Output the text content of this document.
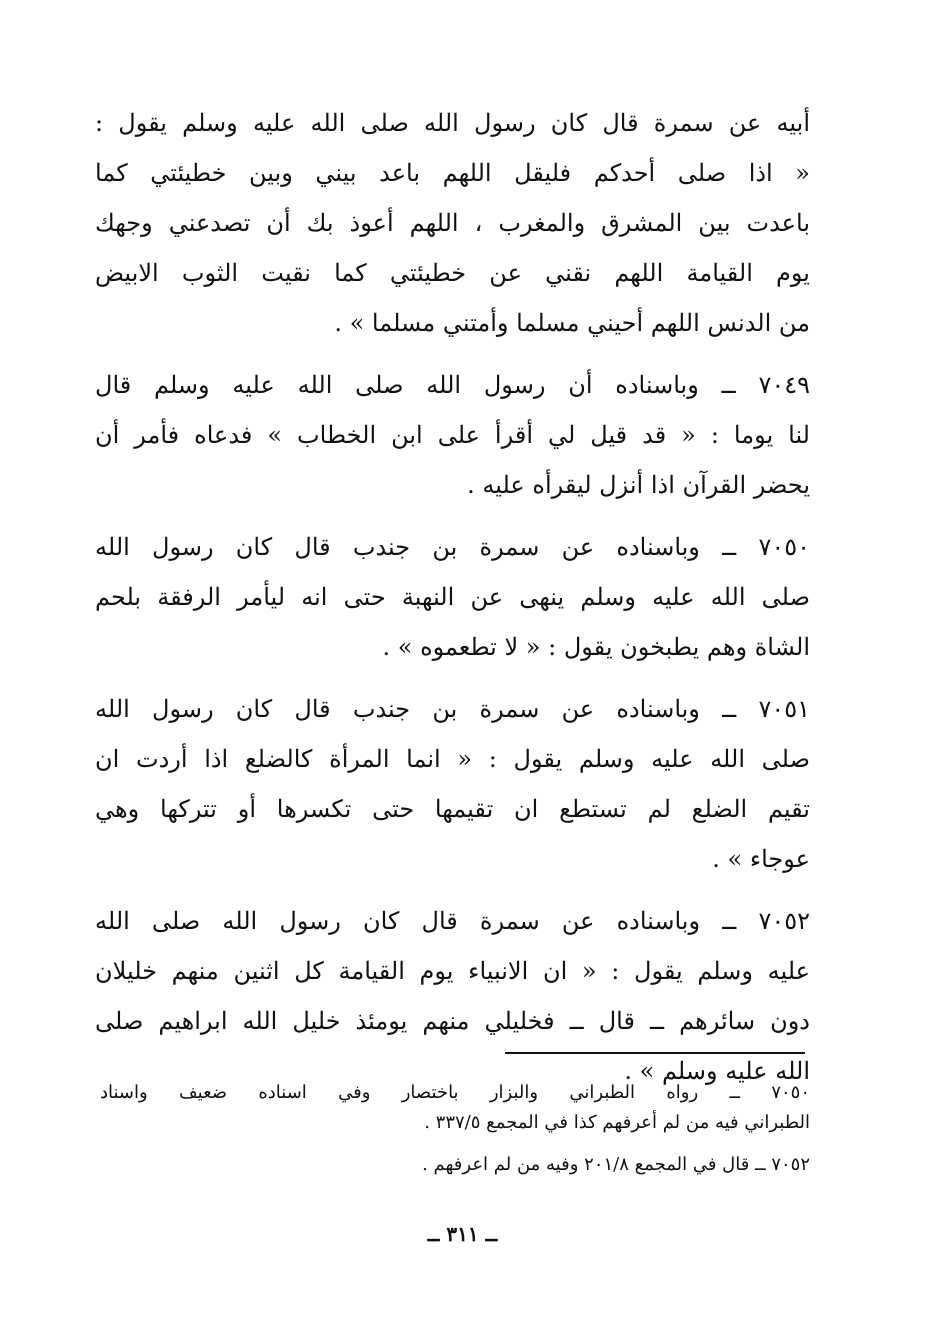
أبيه عن سمرة قال كان رسول الله صلى الله عليه وسلم يقول :
« اذا صلى أحدكم فليقل اللهم باعد بيني وبين خطيئتي كما
باعدت بين المشرق والمغرب ، اللهم أعوذ بك أن تصدعني وجهك
يوم القيامة اللهم نقني عن خطيئتي كما نقيت الثوب الابيض
من الدنس اللهم أحيني مسلما وأمتني مسلما » .
٧٠٤٩ ــ وباسناده أن رسول الله صلى الله عليه وسلم قال
لنا يوما : « قد قيل لي أقرأ على ابن الخطاب » فدعاه فأمر أن
يحضر القرآن اذا أنزل ليقرأه عليه .
٧٠٥٠ ــ وباسناده عن سمرة بن جندب قال كان رسول الله
صلى الله عليه وسلم ينهى عن النهبة حتى انه ليأمر الرفقة بلحم
الشاة وهم يطبخون يقول : « لا تطعموه » .
٧٠٥١ ــ وباسناده عن سمرة بن جندب قال كان رسول الله
صلى الله عليه وسلم يقول : « انما المرأة كالضلع اذا أردت ان
تقيم الضلع لم تستطع ان تقيمها حتى تكسرها أو تتركها وهي
عوجاء » .
٧٠٥٢ ــ وباسناده عن سمرة قال كان رسول الله صلى الله
عليه وسلم يقول : « ان الانبياء يوم القيامة كل اثنين منهم خليلان
دون سائرهم ــ قال ــ فخليلي منهم يومئذ خليل الله ابراهيم صلى
الله عليه وسلم » .
٧٠٥٠ ــ رواه الطبراني والبزار باختصار وفي اسناده ضعيف واسناد
الطبراني فيه من لم أعرفهم كذا في المجمع ٣٣٧/٥ .
٧٠٥٢ ــ قال في المجمع ٢٠١/٨ وفيه من لم اعرفهم .
ــ ٣١١ ــ
